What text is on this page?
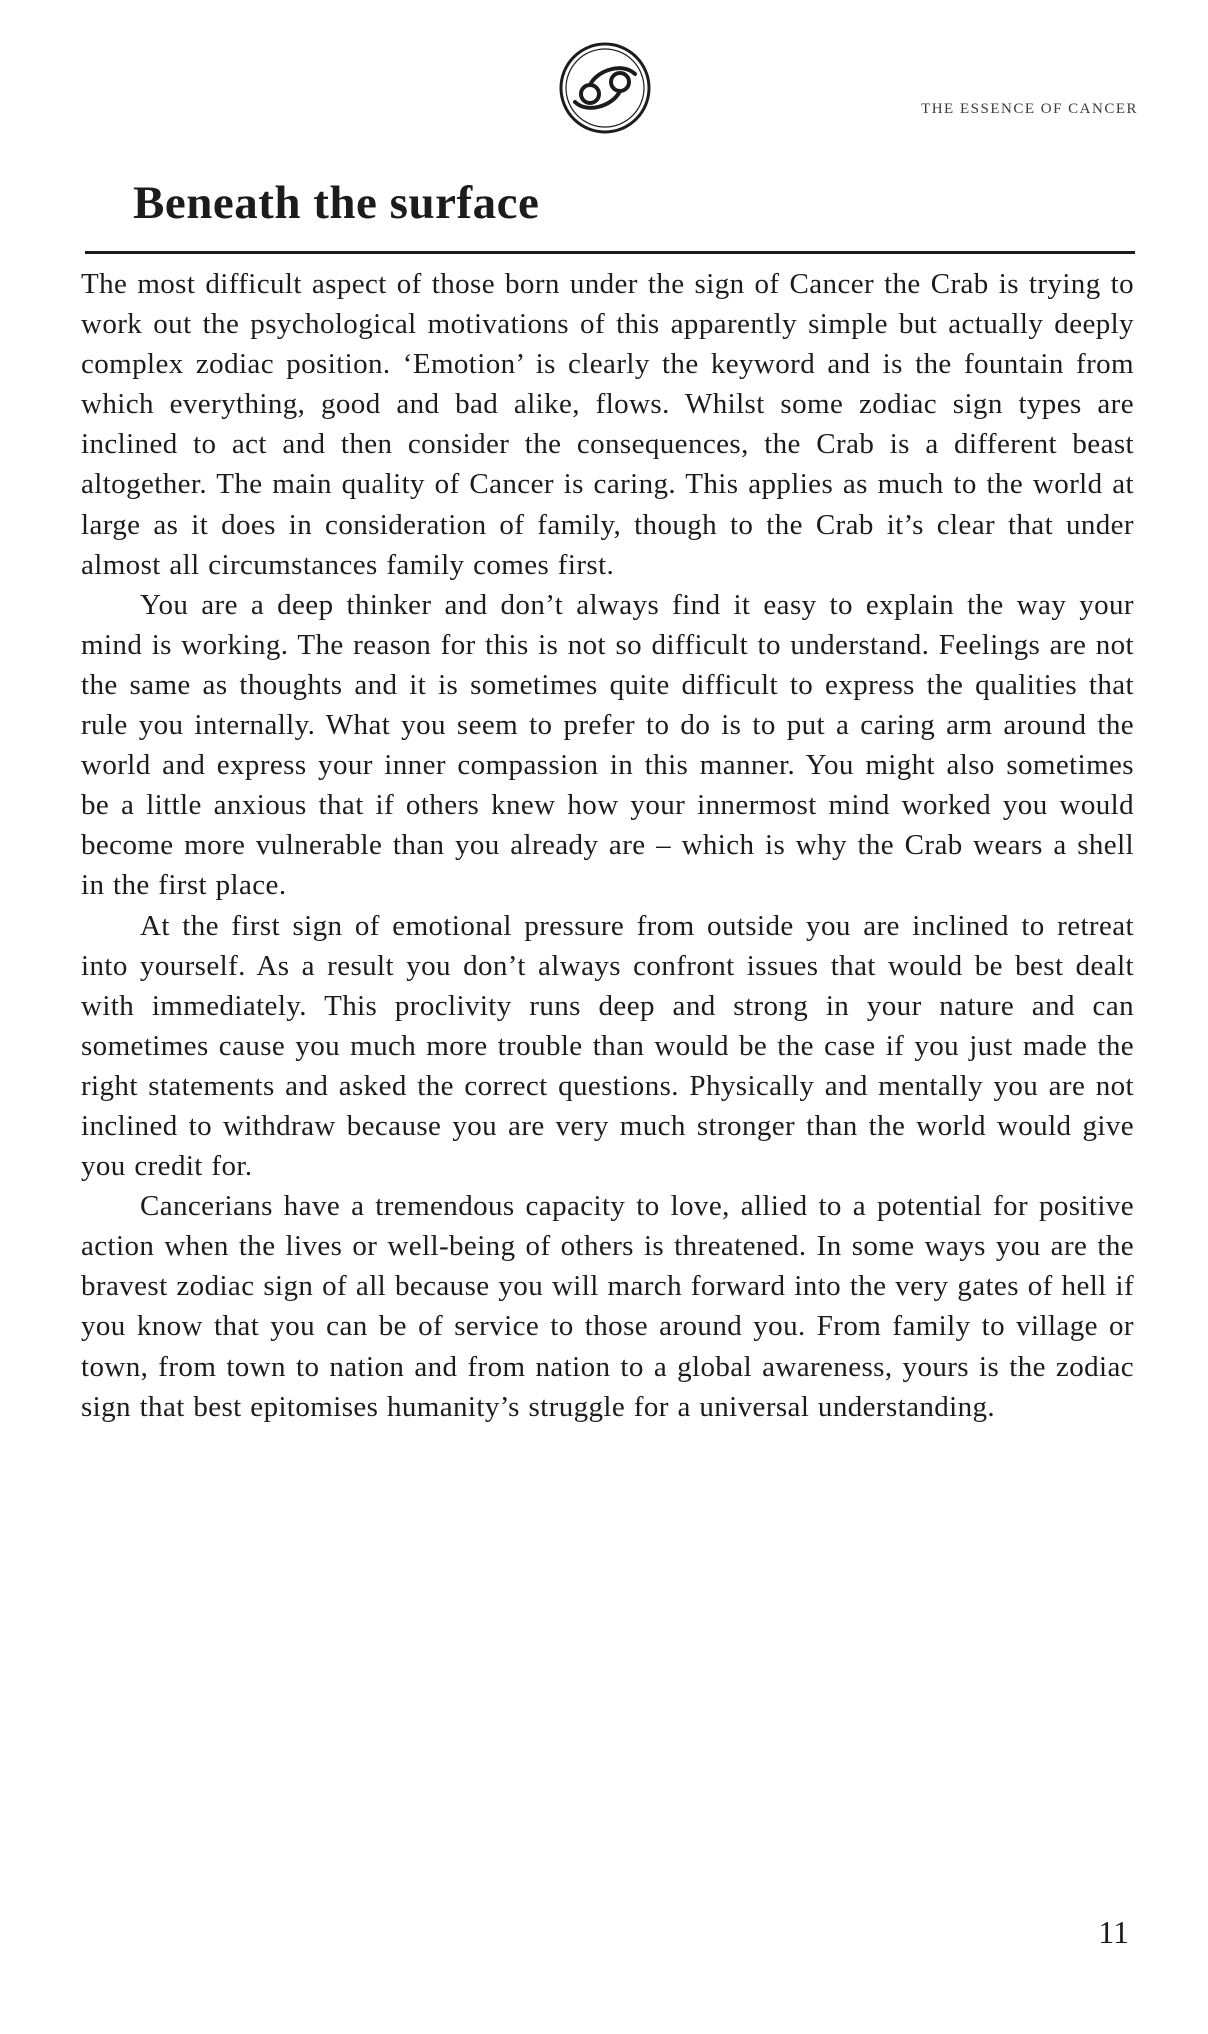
THE ESSENCE OF CANCER
Beneath the surface

The most difficult aspect of those born under the sign of Cancer the Crab is trying to work out the psychological motivations of this apparently simple but actually deeply complex zodiac position. ‘Emotion’ is clearly the keyword and is the fountain from which everything, good and bad alike, flows. Whilst some zodiac sign types are inclined to act and then consider the consequences, the Crab is a different beast altogether. The main quality of Cancer is caring. This applies as much to the world at large as it does in consideration of family, though to the Crab it’s clear that under almost all circumstances family comes first.

You are a deep thinker and don’t always find it easy to explain the way your mind is working. The reason for this is not so difficult to understand. Feelings are not the same as thoughts and it is sometimes quite difficult to express the qualities that rule you internally. What you seem to prefer to do is to put a caring arm around the world and express your inner compassion in this manner. You might also sometimes be a little anxious that if others knew how your innermost mind worked you would become more vulnerable than you already are – which is why the Crab wears a shell in the first place.

At the first sign of emotional pressure from outside you are inclined to retreat into yourself. As a result you don’t always confront issues that would be best dealt with immediately. This proclivity runs deep and strong in your nature and can sometimes cause you much more trouble than would be the case if you just made the right statements and asked the correct questions. Physically and mentally you are not inclined to withdraw because you are very much stronger than the world would give you credit for.

Cancerians have a tremendous capacity to love, allied to a potential for positive action when the lives or well-being of others is threatened. In some ways you are the bravest zodiac sign of all because you will march forward into the very gates of hell if you know that you can be of service to those around you. From family to village or town, from town to nation and from nation to a global awareness, yours is the zodiac sign that best epitomises humanity’s struggle for a universal understanding.

11
